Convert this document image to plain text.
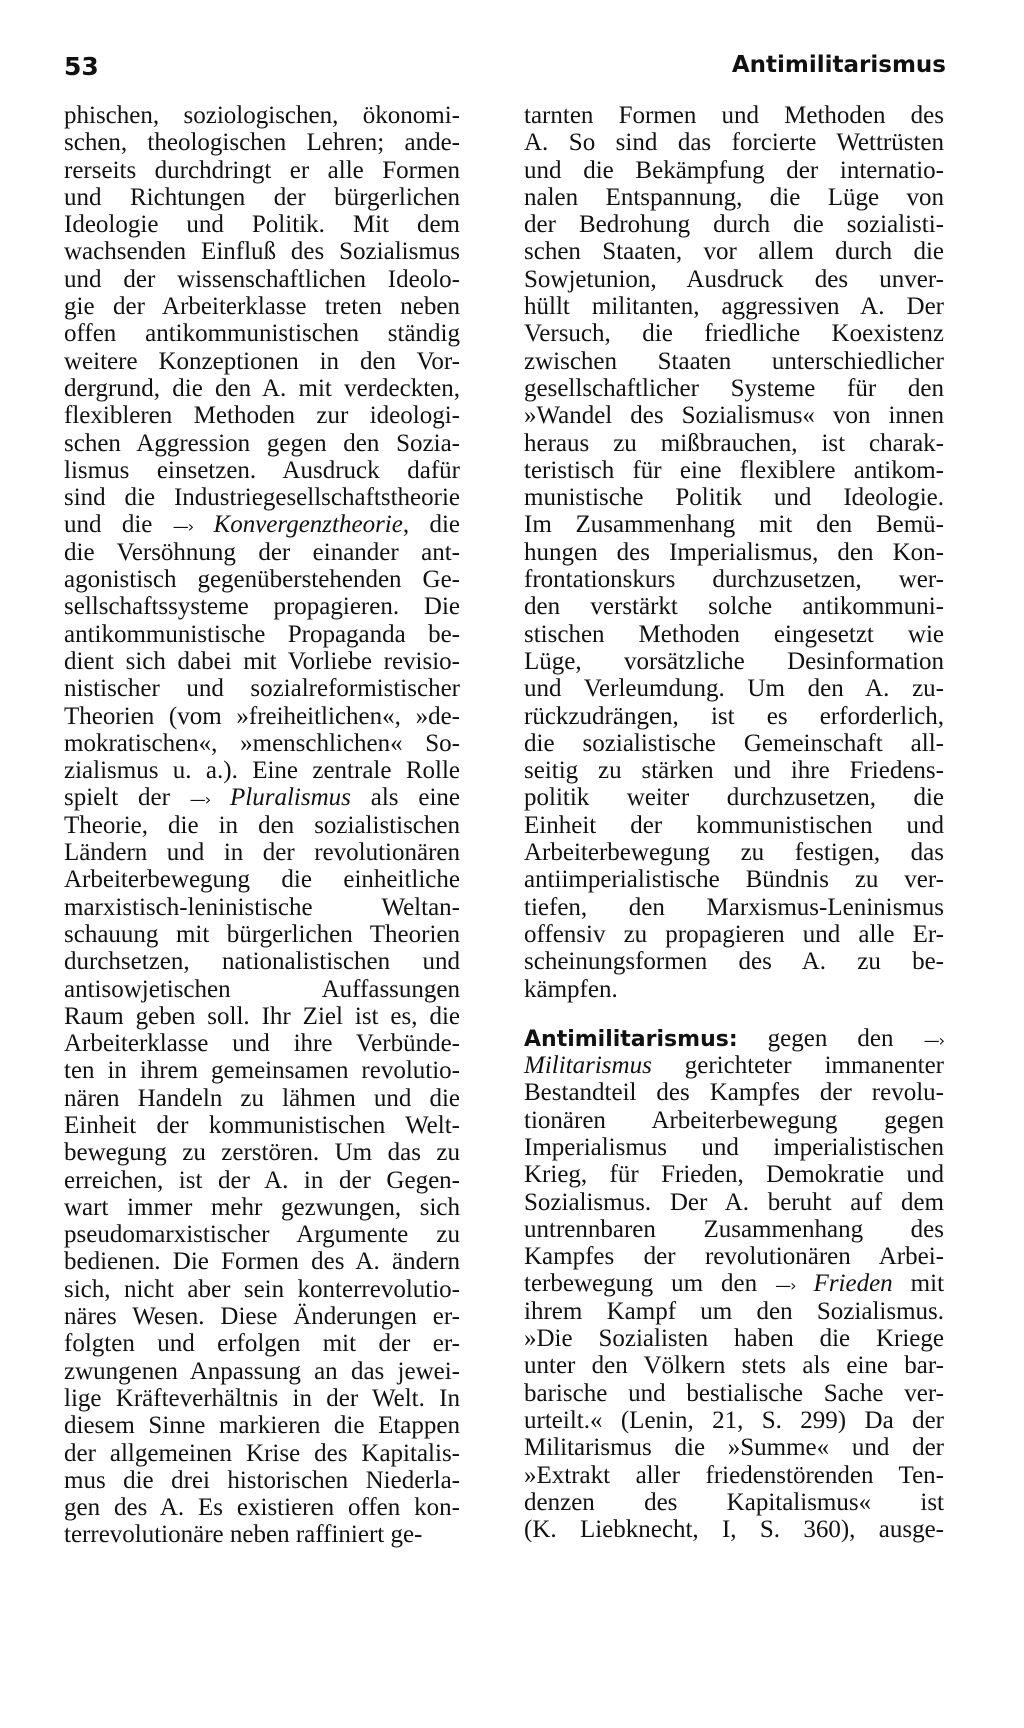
53	Antimilitarismus
phischen, soziologischen, ökonomi-
schen, theologischen Lehren; ande-
rerseits durchdringt er alle Formen
und Richtungen der bürgerlichen
Ideologie und Politik. Mit dem
wachsenden Einfluß des Sozialismus
und der wissenschaftlichen Ideolo-
gie der Arbeiterklasse treten neben
offen antikommunistischen ständig
weitere Konzeptionen in den Vor-
dergrund, die den A. mit verdeckten,
flexibleren Methoden zur ideologi-
schen Aggression gegen den Sozia-
lismus einsetzen. Ausdruck dafür
sind die Industriegesellschaftstheorie
und die —› Konvergenztheorie, die
die Versöhnung der einander ant-
agonistisch gegenüberstehenden Ge-
sellschaftssysteme propagieren. Die
antikommunistische Propaganda be-
dient sich dabei mit Vorliebe revisio-
nistischer und sozialreformistischer
Theorien (vom »freiheitlichen«, »de-
mokratischen«, »menschlichen« So-
zialismus u. a.). Eine zentrale Rolle
spielt der —› Pluralismus als eine
Theorie, die in den sozialistischen
Ländern und in der revolutionären
Arbeiterbewegung die einheitliche
marxistisch-leninistische Weltan-
schauung mit bürgerlichen Theorien
durchsetzen, nationalistischen und
antisowjetischen Auffassungen
Raum geben soll. Ihr Ziel ist es, die
Arbeiterklasse und ihre Verbünde-
ten in ihrem gemeinsamen revolutio-
nären Handeln zu lähmen und die
Einheit der kommunistischen Welt-
bewegung zu zerstören. Um das zu
erreichen, ist der A. in der Gegen-
wart immer mehr gezwungen, sich
pseudomarxistischer Argumente zu
bedienen. Die Formen des A. ändern
sich, nicht aber sein konterrevolutio-
näres Wesen. Diese Änderungen er-
folgten und erfolgen mit der er-
zwungenen Anpassung an das jewei-
lige Kräfteverhältnis in der Welt. In
diesem Sinne markieren die Etappen
der allgemeinen Krise des Kapitalis-
mus die drei historischen Niederla-
gen des A. Es existieren offen kon-
terrevolutionäre neben raffiniert ge-
tarnten Formen und Methoden des
A. So sind das forcierte Wettrüsten
und die Bekämpfung der internatio-
nalen Entspannung, die Lüge von
der Bedrohung durch die sozialisti-
schen Staaten, vor allem durch die
Sowjetunion, Ausdruck des unver-
hüllt militanten, aggressiven A. Der
Versuch, die friedliche Koexistenz
zwischen Staaten unterschiedlicher
gesellschaftlicher Systeme für den
»Wandel des Sozialismus« von innen
heraus zu mißbrauchen, ist charak-
teristisch für eine flexiblere antikom-
munistische Politik und Ideologie.
Im Zusammenhang mit den Bemü-
hungen des Imperialismus, den Kon-
frontationskurs durchzusetzen, wer-
den verstärkt solche antikommuni-
stischen Methoden eingesetzt wie
Lüge, vorsätzliche Desinformation
und Verleumdung. Um den A. zu-
rückzudrängen, ist es erforderlich,
die sozialistische Gemeinschaft all-
seitig zu stärken und ihre Friedens-
politik weiter durchzusetzen, die
Einheit der kommunistischen und
Arbeiterbewegung zu festigen, das
antiimperialistische Bündnis zu ver-
tiefen, den Marxismus-Leninismus
offensiv zu propagieren und alle Er-
scheinungsformen des A. zu be-
kämpfen.
Antimilitarismus: gegen den —›
Militarismus gerichteter immanenter
Bestandteil des Kampfes der revolu-
tionären Arbeiterbewegung gegen
Imperialismus und imperialistischen
Krieg, für Frieden, Demokratie und
Sozialismus. Der A. beruht auf dem
untrennbaren Zusammenhang des
Kampfes der revolutionären Arbei-
terbewegung um den —› Frieden mit
ihrem Kampf um den Sozialismus.
»Die Sozialisten haben die Kriege
unter den Völkern stets als eine bar-
barische und bestialische Sache ver-
urteilt.« (Lenin, 21, S. 299) Da der
Militarismus die »Summe« und der
»Extrakt aller friedenstörenden Ten-
denzen des Kapitalismus« ist
(K. Liebknecht, I, S. 360), ausge-
